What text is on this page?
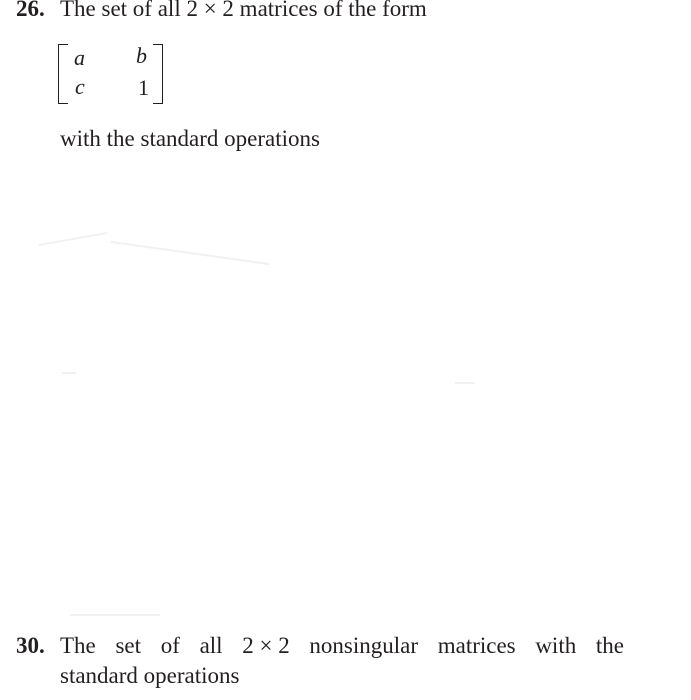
26. The set of all 2 × 2 matrices of the form
a b
c 1
with the standard operations
30. The set of all 2 × 2 nonsingular matrices with the
standard operations
